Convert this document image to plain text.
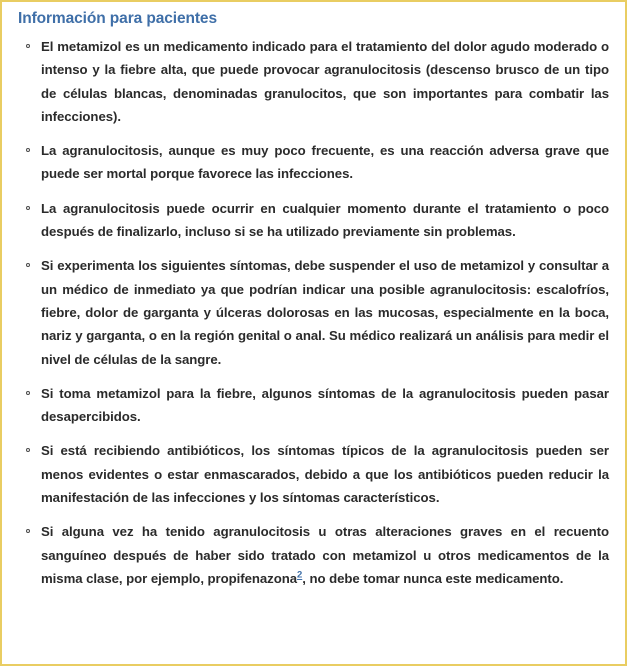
Información para pacientes
El metamizol es un medicamento indicado para el tratamiento del dolor agudo moderado o intenso y la fiebre alta, que puede provocar agranulocitosis (descenso brusco de un tipo de células blancas, denominadas granulocitos, que son importantes para combatir las infecciones).
La agranulocitosis, aunque es muy poco frecuente, es una reacción adversa grave que puede ser mortal porque favorece las infecciones.
La agranulocitosis puede ocurrir en cualquier momento durante el tratamiento o poco después de finalizarlo, incluso si se ha utilizado previamente sin problemas.
Si experimenta los siguientes síntomas, debe suspender el uso de metamizol y consultar a un médico de inmediato ya que podrían indicar una posible agranulocitosis: escalofríos, fiebre, dolor de garganta y úlceras dolorosas en las mucosas, especialmente en la boca, nariz y garganta, o en la región genital o anal. Su médico realizará un análisis para medir el nivel de células de la sangre.
Si toma metamizol para la fiebre, algunos síntomas de la agranulocitosis pueden pasar desapercibidos.
Si está recibiendo antibióticos, los síntomas típicos de la agranulocitosis pueden ser menos evidentes o estar enmascarados, debido a que los antibióticos pueden reducir la manifestación de las infecciones y los síntomas característicos.
Si alguna vez ha tenido agranulocitosis u otras alteraciones graves en el recuento sanguíneo después de haber sido tratado con metamizol u otros medicamentos de la misma clase, por ejemplo, propifenazona$^2$, no debe tomar nunca este medicamento.
